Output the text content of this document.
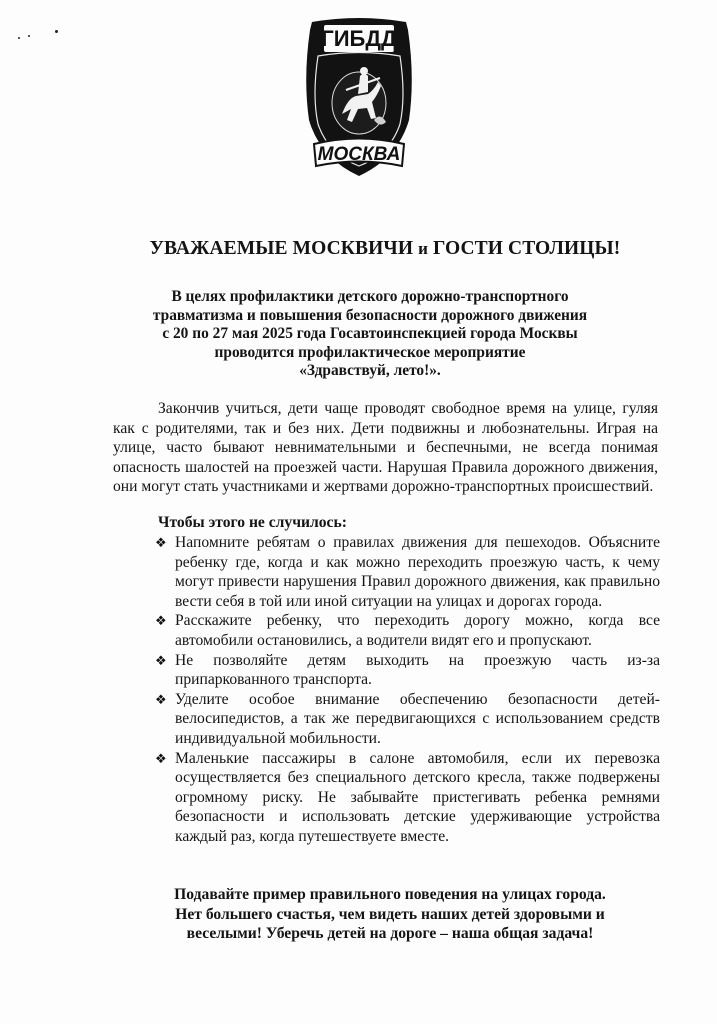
ГИБДД
МОСКВА
УВАЖАЕМЫЕ МОСКВИЧИ и ГОСТИ СТОЛИЦЫ!
В целях профилактики детского дорожно-транспортного
травматизма и повышения безопасности дорожного движения
с 20 по 27 мая 2025 года Госавтоинспекцией города Москвы
проводится профилактическое мероприятие
«Здравствуй, лето!».

Закончив учиться, дети чаще проводят свободное время на улице, гуляя как с родителями, так и без них. Дети подвижны и любознательны. Играя на улице, часто бывают невнимательными и беспечными, не всегда понимая опасность шалостей на проезжей части. Нарушая Правила дорожного движения, они могут стать участниками и жертвами дорожно-транспортных происшествий.

Чтобы этого не случилось:
❖ Напомните ребятам о правилах движения для пешеходов. Объясните ребенку где, когда и как можно переходить проезжую часть, к чему могут привести нарушения Правил дорожного движения, как правильно вести себя в той или иной ситуации на улицах и дорогах города.
❖ Расскажите ребенку, что переходить дорогу можно, когда все автомобили остановились, а водители видят его и пропускают.
❖ Не позволяйте детям выходить на проезжую часть из-за припаркованного транспорта.
❖ Уделите особое внимание обеспечению безопасности детей-велосипедистов, а так же передвигающихся с использованием средств индивидуальной мобильности.
❖ Маленькие пассажиры в салоне автомобиля, если их перевозка осуществляется без специального детского кресла, также подвержены огромному риску. Не забывайте пристегивать ребенка ремнями безопасности и использовать детские удерживающие устройства каждый раз, когда путешествуете вместе.
Подавайте пример правильного поведения на улицах города.
Нет большего счастья, чем видеть наших детей здоровыми и
веселыми! Уберечь детей на дороге – наша общая задача!
